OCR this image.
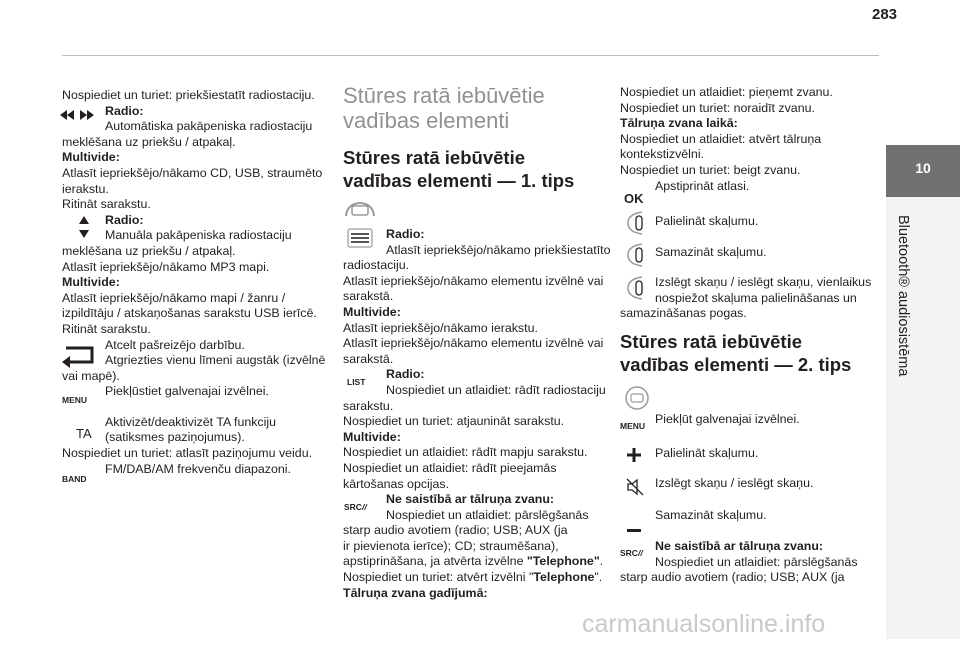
283
10
Bluetooth® audiosistēma
Nospiediet un turiet: priekšiestatīt radiostaciju.
Radio:
Automātiska pakāpeniska radiostaciju
meklēšana uz priekšu / atpakaļ.
Multivide:
Atlasīt iepriekšējo/nākamo CD, USB, straumēto
ierakstu.
Ritināt sarakstu.
Radio:
Manuāla pakāpeniska radiostaciju
meklēšana uz priekšu / atpakaļ.
Atlasīt iepriekšējo/nākamo MP3 mapi.
Multivide:
Atlasīt iepriekšējo/nākamo mapi / žanru /
izpildītāju / atskaņošanas sarakstu USB ierīcē.
Ritināt sarakstu.
Atcelt pašreizējo darbību.
Atgriezties vienu līmeni augstāk (izvēlnē
vai mapē).
Piekļūstiet galvenajai izvēlnei.
Aktivizēt/deaktivizēt TA funkciju
(satiksmes paziņojumus).
Nospiediet un turiet: atlasīt paziņojumu veidu.
FM/DAB/AM frekvenču diapazoni.
MENU
TA
BAND
Stūres ratā iebūvētie
vadības elementi
Stūres ratā iebūvētie
vadības elementi — 1. tips
Radio:
Atlasīt iepriekšējo/nākamo priekšiestatīto
radiostaciju.
Atlasīt iepriekšējo/nākamo elementu izvēlnē vai
sarakstā.
Multivide:
Atlasīt iepriekšējo/nākamo ierakstu.
Atlasīt iepriekšējo/nākamo elementu izvēlnē vai
sarakstā.
Radio:
Nospiediet un atlaidiet: rādīt radiostaciju
sarakstu.
Nospiediet un turiet: atjaunināt sarakstu.
Multivide:
Nospiediet un atlaidiet: rādīt mapju sarakstu.
Nospiediet un atlaidiet: rādīt pieejamās
kārtošanas opcijas.
Ne saistībā ar tālruņa zvanu:
Nospiediet un atlaidiet: pārslēgšanās
starp audio avotiem (radio; USB; AUX (ja
ir pievienota ierīce); CD; straumēšana),
apstiprināšana, ja atvērta izvēlne "Telephone".
Nospiediet un turiet: atvērt izvēlni "Telephone".
Tālruņa zvana gadījumā:
LIST
SRC//
Nospiediet un atlaidiet: pieņemt zvanu.
Nospiediet un turiet: noraidīt zvanu.
Tālruņa zvana laikā:
Nospiediet un atlaidiet: atvērt tālruņa
kontekstizvēlni.
Nospiediet un turiet: beigt zvanu.
Apstiprināt atlasi.
OK
Palielināt skaļumu.
Samazināt skaļumu.
Izslēgt skaņu / ieslēgt skaņu, vienlaikus
nospiežot skaļuma palielināšanas un
samazināšanas pogas.
Stūres ratā iebūvētie
vadības elementi — 2. tips
MENU Piekļūt galvenajai izvēlnei.
Palielināt skaļumu.
Izslēgt skaņu / ieslēgt skaņu.
Samazināt skaļumu.
SRC// Ne saistībā ar tālruņa zvanu:
Nospiediet un atlaidiet: pārslēgšanās
starp audio avotiem (radio; USB; AUX (ja
carmanualsonline.info
